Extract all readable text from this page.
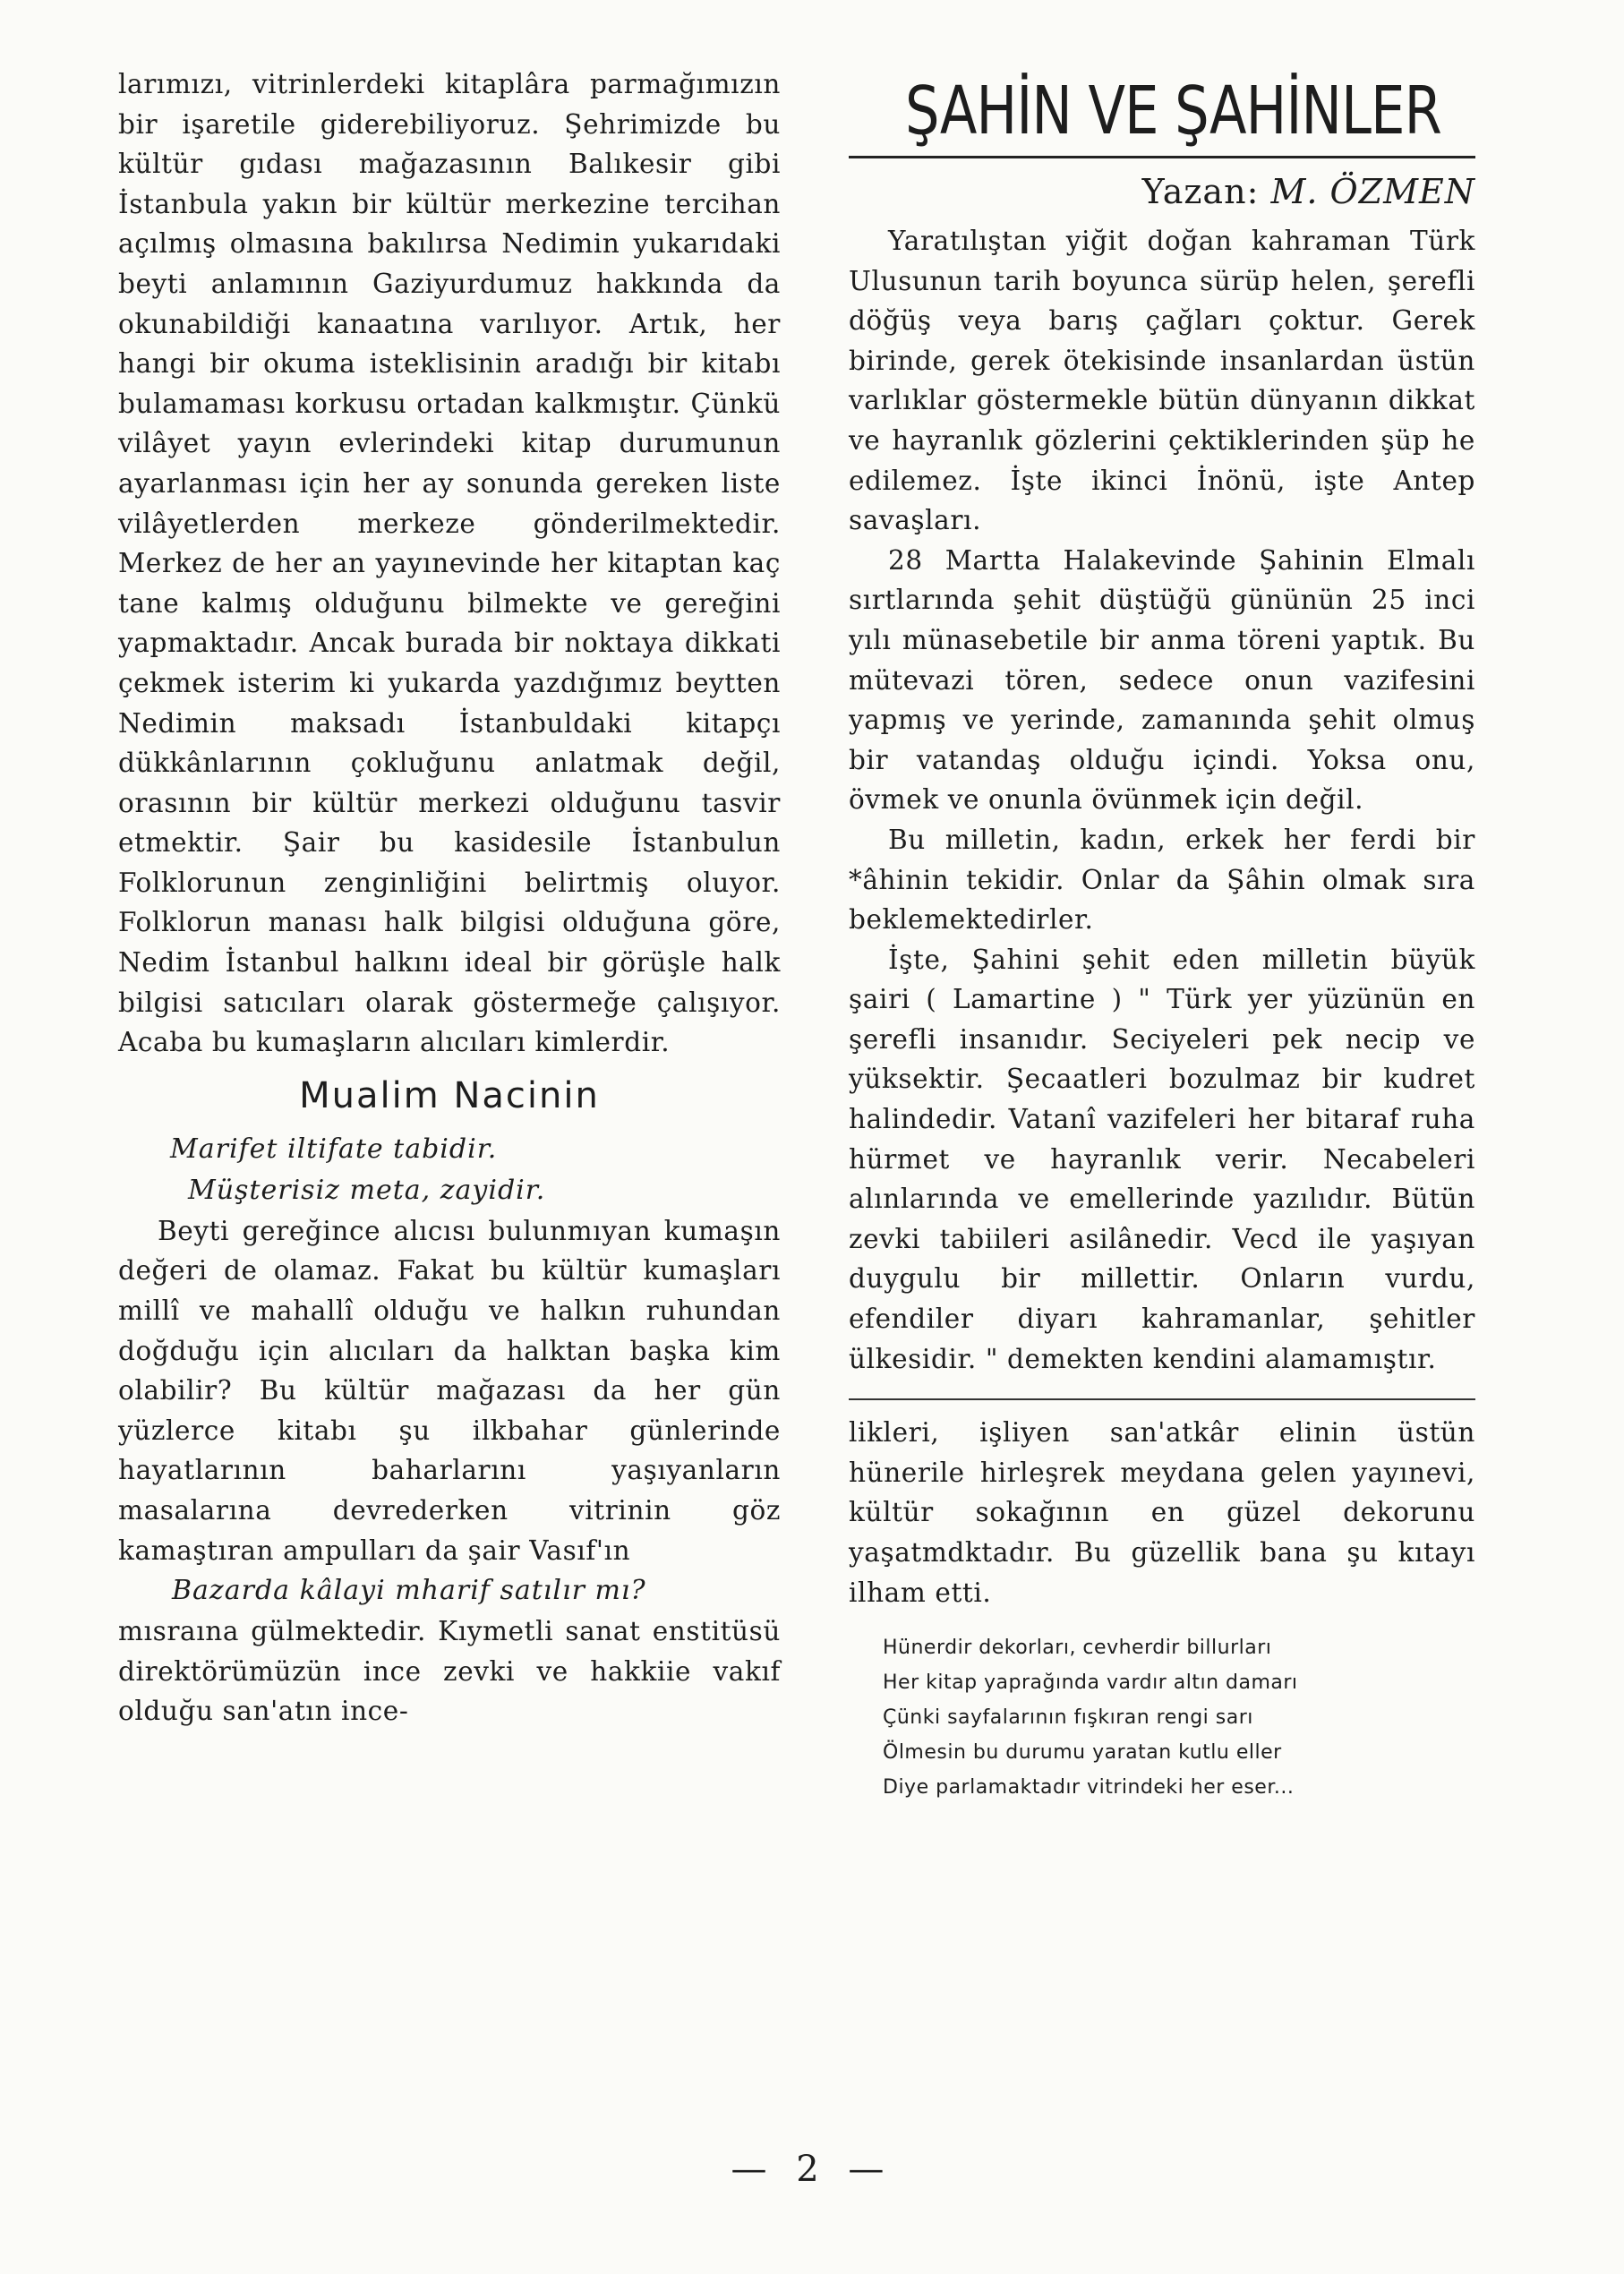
larımızı, vitrinlerdeki kitaplâra parmağımızın bir işaretile giderebiliyoruz. Şehrimizde bu kültür gıdası mağazasının Balıkesir gibi İstanbula yakın bir kültür merkezine tercihan açılmış olmasına bakılırsa Nedimin yukarıdaki beyti anlamının Gaziyurdumuz hakkında da okunabildiği kanaatına varılıyor. Artık, her hangi bir okuma isteklisinin aradığı bir kitabı bulamaması korkusu ortadan kalkmıştır. Çünkü vilâyet yayın evlerindeki kitap durumunun ayarlanması için her ay sonunda gereken liste vilâyetlerden merkeze gönderilmektedir. Merkez de her an yayınevinde her kitaptan kaç tane kalmış olduğunu bilmekte ve gereğini yapmaktadır. Ancak burada bir noktaya dikkati çekmek isterim ki yukarda yazdığımız beytten Nedimin maksadı İstanbuldaki kitapçı dükkânlarının çokluğunu anlatmak değil, orasının bir kültür merkezi olduğunu tasvir etmektir. Şair bu kasidesile İstanbulun Folklorunun zenginliğini belirtmiş oluyor. Folklorun manası halk bilgisi olduğuna göre, Nedim İstanbul halkını ideal bir görüşle halk bilgisi satıcıları olarak göstermeğe çalışıyor. Acaba bu kumaşların alıcıları kimlerdir.

Mualim Nacinin
Marifet iltifate tabidir.
Müşterisiz meta, zayidir.

Beyti gereğince alıcısı bulunmıyan kumaşın değeri de olamaz. Fakat bu kültür kumaşları millî ve mahallî olduğu ve halkın ruhundan doğduğu için alıcıları da halktan başka kim olabilir? Bu kültür mağazası da her gün yüzlerce kitabı şu ilkbahar günlerinde hayatlarının baharlarını yaşıyanların masalarına devrederken vitrinin göz kamaştıran ampulları da şair Vasıf'ın

Bazarda kâlayi mharif satılır mı?

mısraına gülmektedir. Kıymetli sanat enstitüsü direktörümüzün ince zevki ve hakkiie vakıf olduğu san'atın ince-

ŞAHİN VE ŞAHİNLER
Yazan: M. ÖZMEN

Yaratılıştan yiğit doğan kahraman Türk Ulusunun tarih boyunca sürüp helen, şerefli döğüş veya barış çağları çoktur. Gerek birinde, gerek ötekisinde insanlardan üstün varlıklar göstermekle bütün dünyanın dikkat ve hayranlık gözlerini çektiklerinden şüp he edilemez. İşte ikinci İnönü, işte Antep savaşları.

28 Martta Halakevinde Şahinin Elmalı sırtlarında şehit düştüğü gününün 25 inci yılı münasebetile bir anma töreni yaptık. Bu mütevazi tören, sedece onun vazifesini yapmış ve yerinde, zamanında şehit olmuş bir vatandaş olduğu içindi. Yoksa onu, övmek ve onunla övünmek için değil.

Bu milletin, kadın, erkek her ferdi bir *âhinin tekidir. Onlar da Şâhin olmak sıra beklemektedirler.

İşte, Şahini şehit eden milletin büyük şairi ( Lamartine ) " Türk yer yüzünün en şerefli insanıdır. Seciyeleri pek necip ve yüksektir. Şecaatleri bozulmaz bir kudret halindedir. Vatanî vazifeleri her bitaraf ruha hürmet ve hayranlık verir. Necabeleri alınlarında ve emellerinde yazılıdır. Bütün zevki tabiileri asilânedir. Vecd ile yaşıyan duygulu bir millettir. Onların vurdu, efendiler diyarı kahramanlar, şehitler ülkesidir. " demekten kendini alamamıştır.

likleri, işliyen san'atkâr elinin üstün hünerile hirleşrek meydana gelen yayınevi, kültür sokağının en güzel dekorunu yaşatmdktadır. Bu güzellik bana şu kıtayı ilham etti.

Hünerdir dekorları, cevherdir billurları
Her kitap yaprağında vardır altın damarı
Çünki sayfalarının fışkıran rengi sarı
Ölmesin bu durumu yaratan kutlu eller
Diye parlamaktadır vitrindeki her eser...
— 2 —
